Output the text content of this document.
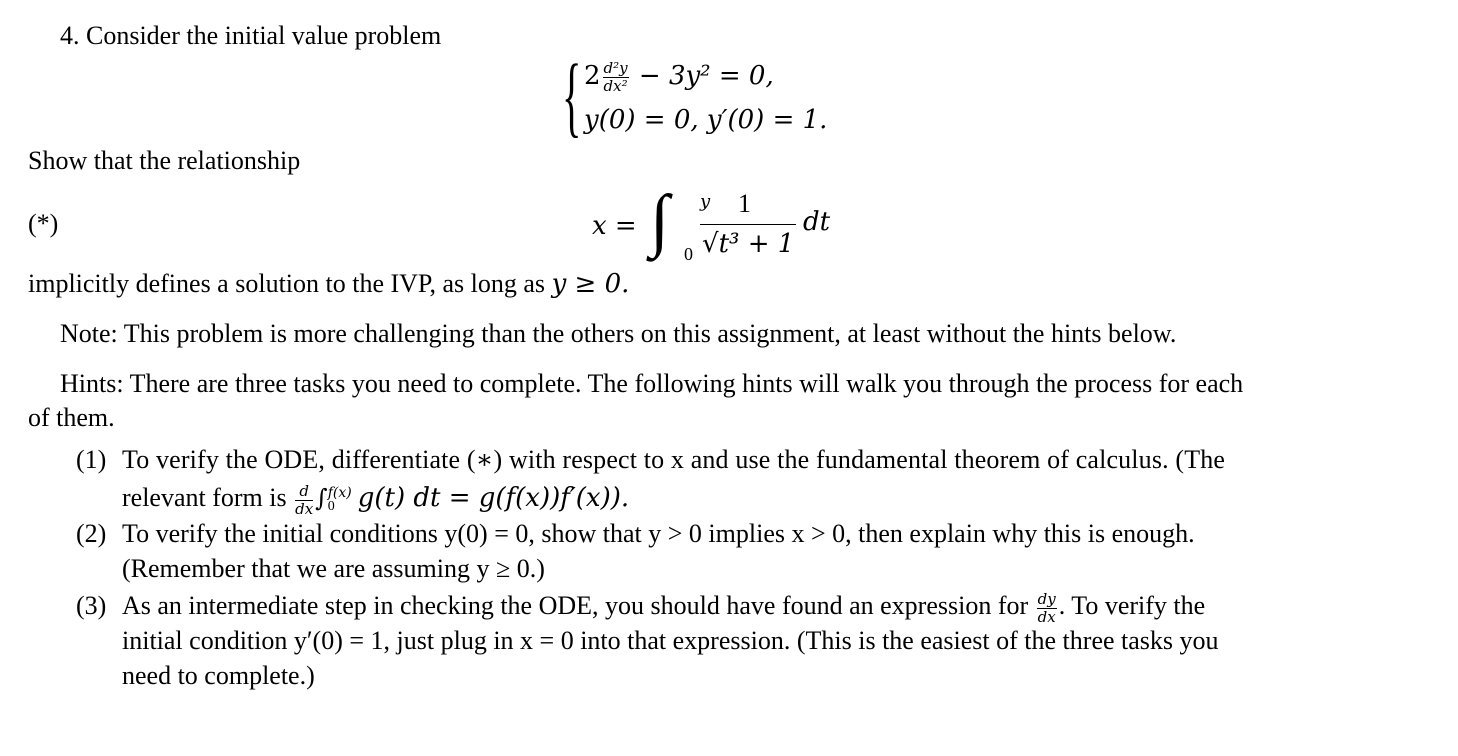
4. Consider the initial value problem
{ $2 \frac{\text{d²y}}{\text{dx²}} - 3y^2 = 0$,
y(0) = 0, y′(0) = 1.
Show that the relationship
(*)	x = ∫ y
0
1
√t³ + 1
dt
implicitly defines a solution to the IVP, as long as y ≥ 0.
Note: This problem is more challenging than the others on this assignment, at least without the hints below.
Hints: There are three tasks you need to complete. The following hints will walk you through the process for each
of them.
(1) To verify the ODE, differentiate (∗) with respect to x and use the fundamental theorem of calculus. (The
relevant form is $\frac{d}{dx}$ ∫ f(x)
0 g(t) dt = g(f(x))f′(x)).
(2) To verify the initial conditions y(0) = 0, show that y > 0 implies x > 0, then explain why this is enough.
(Remember that we are assuming y ≥ 0.)
(3) As an intermediate step in checking the ODE, you should have found an expression for $\frac{dy}{dx}$ . To verify the
initial condition y′(0) = 1, just plug in x = 0 into that expression. (This is the easiest of the three tasks you
need to complete.)
